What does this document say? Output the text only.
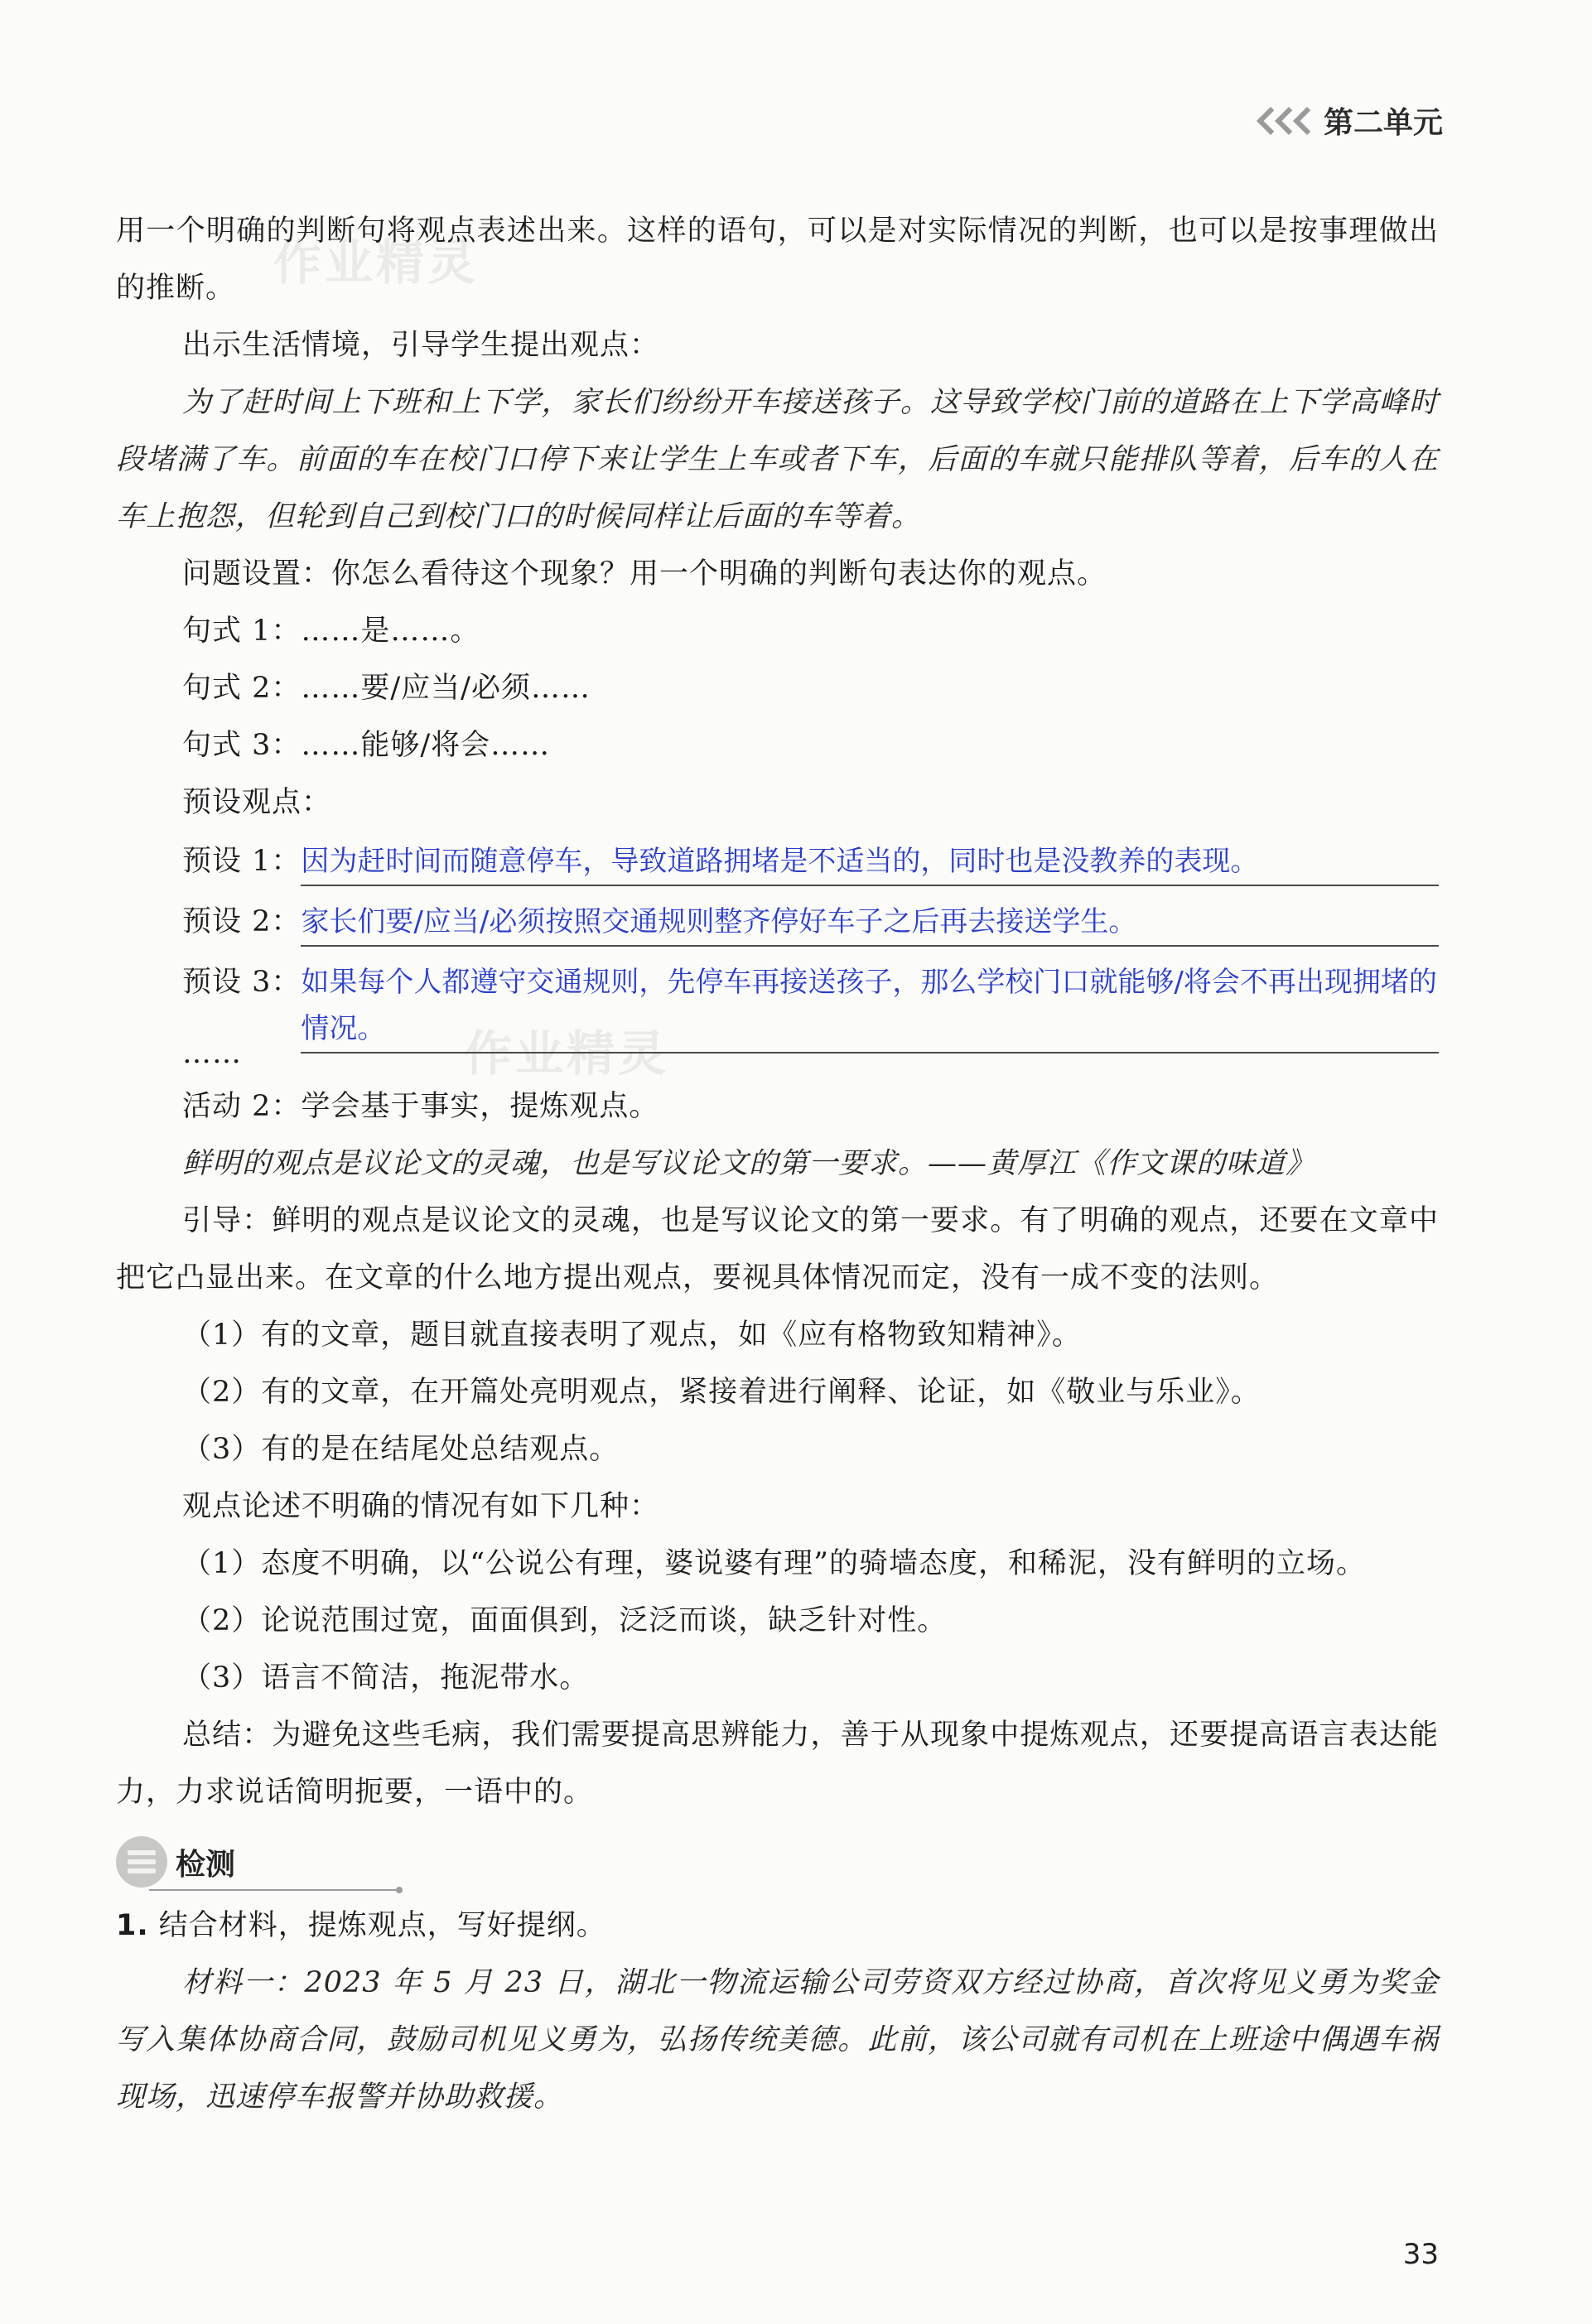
第二单元
作业精灵
作业精灵

用一个明确的判断句将观点表述出来。这样的语句，可以是对实际情况的判断，也可以是按事理做出的推断。

出示生活情境，引导学生提出观点：

为了赶时间上下班和上下学，家长们纷纷开车接送孩子。这导致学校门前的道路在上下学高峰时段堵满了车。前面的车在校门口停下来让学生上车或者下车，后面的车就只能排队等着，后车的人在车上抱怨，但轮到自己到校门口的时候同样让后面的车等着。

问题设置：你怎么看待这个现象？用一个明确的判断句表达你的观点。

句式 1：……是……。

句式 2：……要/应当/必须……

句式 3：……能够/将会……

预设观点：

预设 1： 因为赶时间而随意停车，导致道路拥堵是不适当的，同时也是没教养的表现。
预设 2： 家长们要/应当/必须按照交通规则整齐停好车子之后再去接送学生。
预设 3： 如果每个人都遵守交通规则，先停车再接送孩子，那么学校门口就能够/将会不再出现拥堵的情况。

……

活动 2：学会基于事实，提炼观点。

鲜明的观点是议论文的灵魂，也是写议论文的第一要求。——黄厚江《作文课的味道》

引导：鲜明的观点是议论文的灵魂，也是写议论文的第一要求。有了明确的观点，还要在文章中把它凸显出来。在文章的什么地方提出观点，要视具体情况而定，没有一成不变的法则。

（1）有的文章，题目就直接表明了观点，如《应有格物致知精神》。

（2）有的文章，在开篇处亮明观点，紧接着进行阐释、论证，如《敬业与乐业》。

（3）有的是在结尾处总结观点。

观点论述不明确的情况有如下几种：

（1）态度不明确，以“公说公有理，婆说婆有理”的骑墙态度，和稀泥，没有鲜明的立场。

（2）论说范围过宽，面面俱到，泛泛而谈，缺乏针对性。

（3）语言不简洁，拖泥带水。

总结：为避免这些毛病，我们需要提高思辨能力，善于从现象中提炼观点，还要提高语言表达能力，力求说话简明扼要，一语中的。

检测

1. 结合材料，提炼观点，写好提纲。

材料一：2023 年 5 月 23 日，湖北一物流运输公司劳资双方经过协商，首次将见义勇为奖金写入集体协商合同，鼓励司机见义勇为，弘扬传统美德。此前，该公司就有司机在上班途中偶遇车祸现场，迅速停车报警并协助救援。

33
